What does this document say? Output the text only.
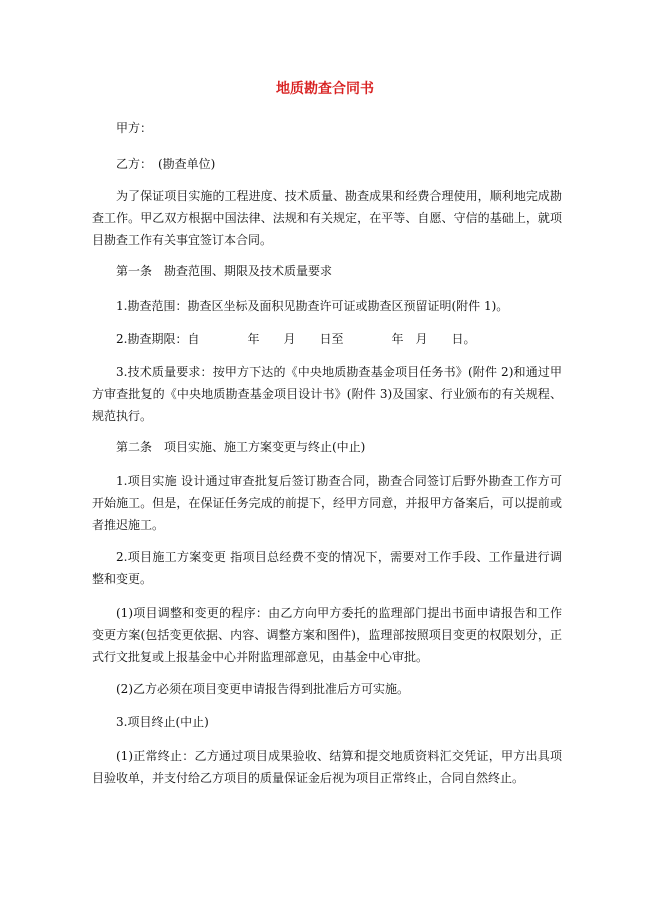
地质勘查合同书

甲方：

乙方：　(勘查单位)

为了保证项目实施的工程进度、技术质量、勘查成果和经费合理使用，顺利地完成勘查工作。甲乙双方根据中国法律、法规和有关规定，在平等、自愿、守信的基础上，就项目勘查工作有关事宜签订本合同。

第一条　勘查范围、期限及技术质量要求

1.勘查范围：勘查区坐标及面积见勘查许可证或勘查区预留证明(附件 1)。

2.勘查期限：自　　　　年　　月　　日至　　　　年　月　　日。

3.技术质量要求：按甲方下达的《中央地质勘查基金项目任务书》(附件 2)和通过甲方审查批复的《中央地质勘查基金项目设计书》(附件 3)及国家、行业颁布的有关规程、规范执行。

第二条　项目实施、施工方案变更与终止(中止)

1.项目实施 设计通过审查批复后签订勘查合同，勘查合同签订后野外勘查工作方可开始施工。但是，在保证任务完成的前提下，经甲方同意，并报甲方备案后，可以提前或者推迟施工。

2.项目施工方案变更 指项目总经费不变的情况下，需要对工作手段、工作量进行调整和变更。

(1)项目调整和变更的程序：由乙方向甲方委托的监理部门提出书面申请报告和工作变更方案(包括变更依据、内容、调整方案和图件)，监理部按照项目变更的权限划分，正式行文批复或上报基金中心并附监理部意见，由基金中心审批。

(2)乙方必须在项目变更申请报告得到批准后方可实施。

3.项目终止(中止)

(1)正常终止：乙方通过项目成果验收、结算和提交地质资料汇交凭证，甲方出具项目验收单，并支付给乙方项目的质量保证金后视为项目正常终止，合同自然终止。
